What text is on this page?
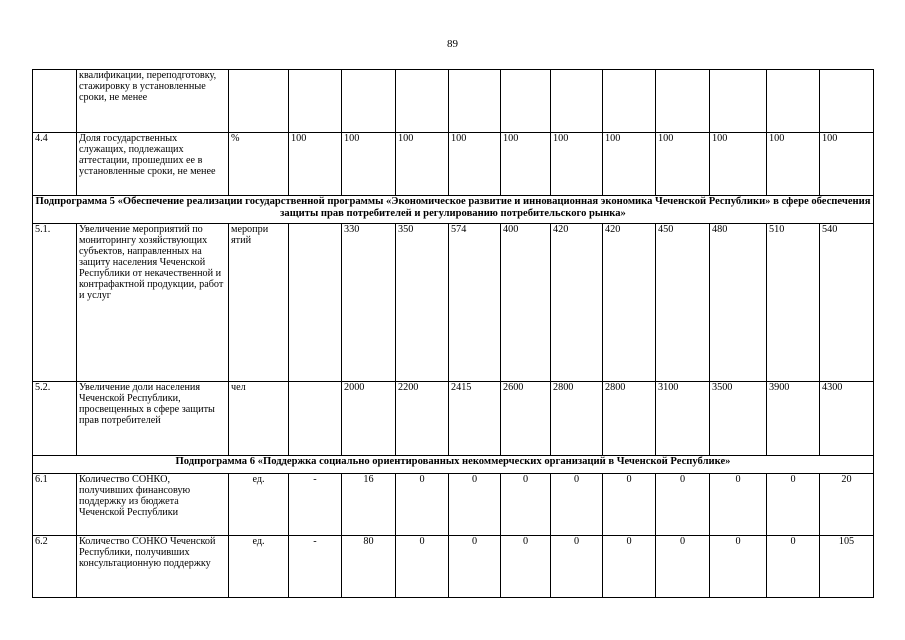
89
	квалификации, переподготовку, стажировку в установленные сроки, не менее												
4.4	Доля государственных служащих, подлежащих аттестации, прошедших ее в установленные сроки, не менее	%	100	100	100	100	100	100	100	100	100	100	100
Подпрограмма 5 «Обеспечение реализации государственной программы «Экономическое развитие и инновационная экономика Чеченской Республики» в сфере обеспечения защиты прав потребителей и регулированию потребительского рынка»													
5.1.	Увеличение мероприятий по мониторингу хозяйствующих субъектов, направленных на защиту населения Чеченской Республики от некачественной и контрафактной продукции, работ и услуг	меропри ятий		330	350	574	400	420	420	450	480	510	540
5.2.	Увеличение доли населения Чеченской Республики, просвещенных в сфере защиты прав потребителей	чел		2000	2200	2415	2600	2800	2800	3100	3500	3900	4300
Подпрограмма 6 «Поддержка социально ориентированных некоммерческих организаций в Чеченской Республике»													
6.1	Количество СОНКО, получивших финансовую поддержку из бюджета Чеченской Республики	ед.	-	16	0	0	0	0	0	0	0	0	20
6.2	Количество СОНКО Чеченской Республики, получивших консультационную поддержку	ед.	-	80	0	0	0	0	0	0	0	0	105
